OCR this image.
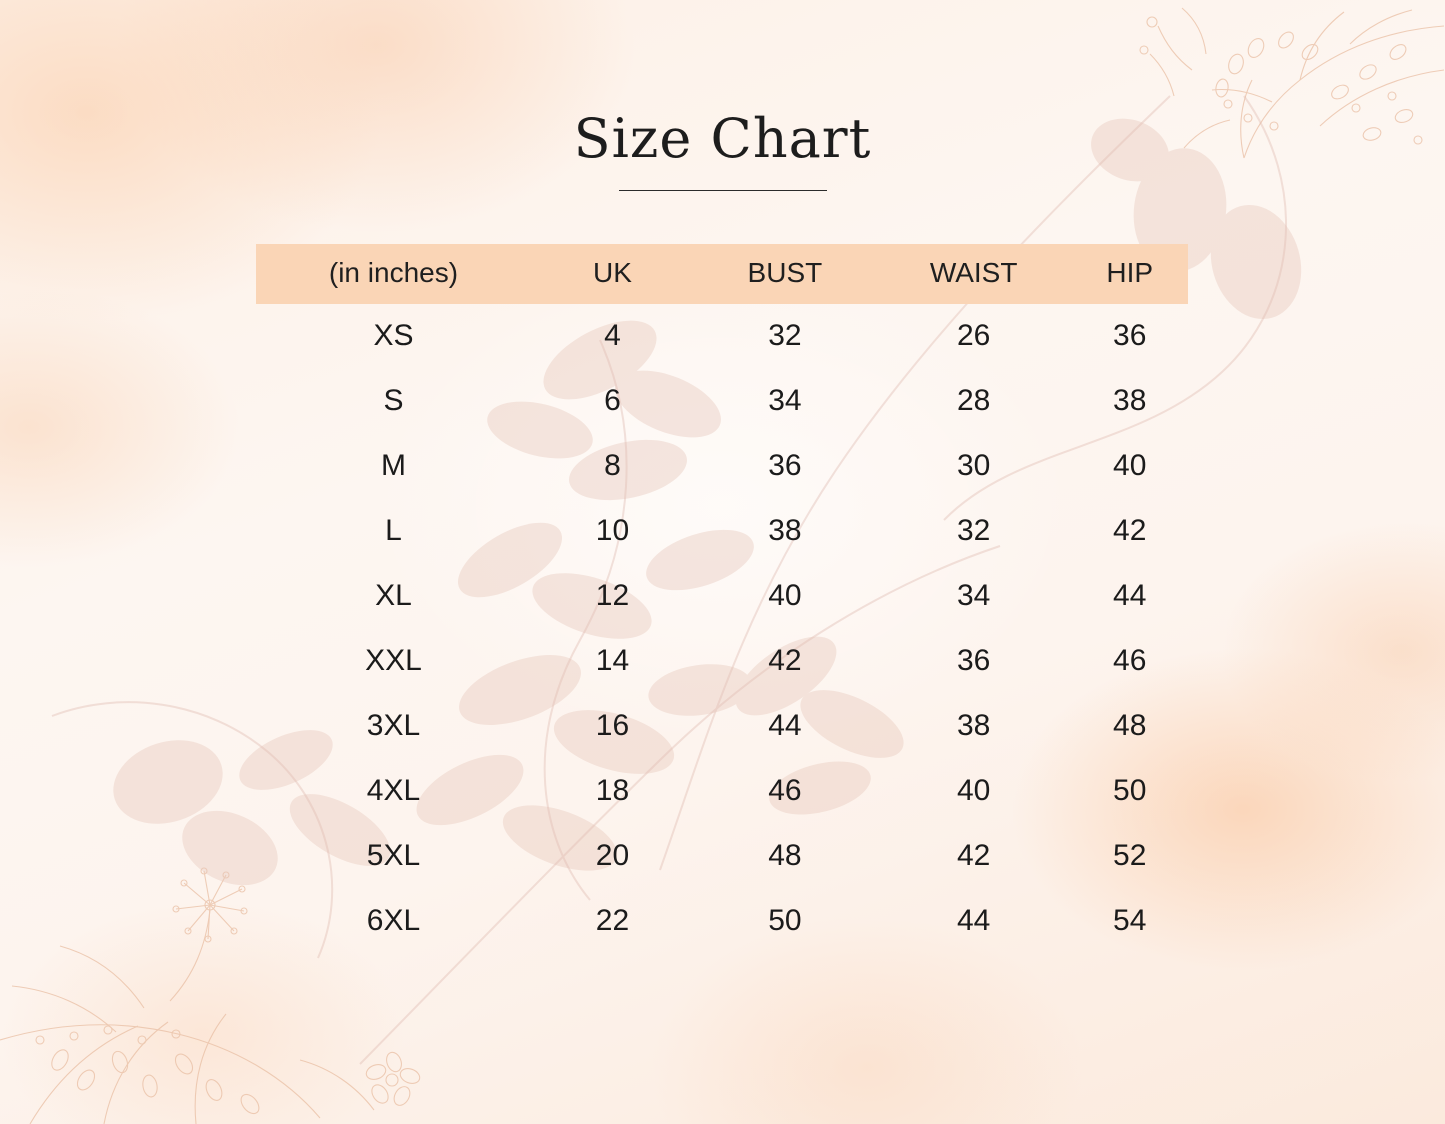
Size Chart
(in inches)	UK	BUST	WAIST	HIP
XS	4	32	26	36
S	6	34	28	38
M	8	36	30	40
L	10	38	32	42
XL	12	40	34	44
XXL	14	42	36	46
3XL	16	44	38	48
4XL	18	46	40	50
5XL	20	48	42	52
6XL	22	50	44	54
